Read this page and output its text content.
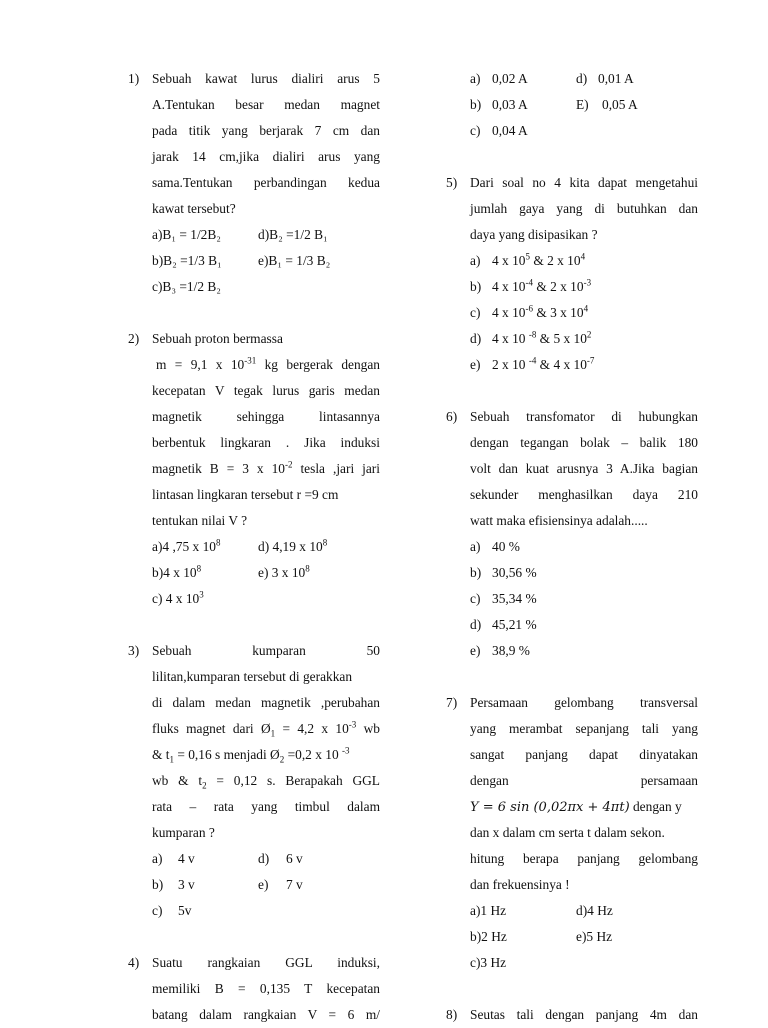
1) Sebuah kawat lurus dialiri arus 5
A.Tentukan besar medan magnet
pada titik yang berjarak 7 cm dan
jarak 14 cm,jika dialiri arus yang
sama.Tentukan perbandingan kedua
kawat tersebut?
a)B₁ = 1/2B₂	d)B₂ =1/2 B₁
b)B₂ =1/3 B₁	e)B₁ = 1/3 B₂
c)B₃ =1/2 B₂
2) Sebuah proton bermassa
m = 9,1 x $10^{-31}$ kg bergerak dengan
kecepatan V tegak lurus garis medan
magnetik sehingga lintasannya
berbentuk lingkaran . Jika induksi
magnetik B = 3 x $10^{-2}$ tesla ,jari jari
lintasan lingkaran tersebut r =9 cm
tentukan nilai V ?
a)4 ,75 x $10^8$	d) 4,19 x $10^8$
b)4 x $10^8$	e) 3 x $10^8$
c) 4 x $10^3$
3) Sebuah kumparan 50
lilitan,kumparan tersebut di gerakkan
di dalam medan magnetik ,perubahan
fluks magnet dari $Ø_1 = 4,2$ x $10^{-3}$ wb
& $t_1 = 0,16$ s menjadi $Ø_2 =0,2$ x 10 $^{-3}$
wb & $t_2 = 0,12$ s. Berapakah GGL
rata – rata yang timbul dalam
kumparan ?
a)	4 v	d)	6 v
b)	3 v	e)	7 v
c)	5v
4) Suatu rangkaian GGL induksi,
memiliki B = 0,135 T kecepatan
batang dalam rangkaian V = 6 m/
a) 0,02 A	d) 0,01 A
b) 0,03 A	E) 0,05 A
c) 0,04 A
5) Dari soal no 4 kita dapat mengetahui
jumlah gaya yang di butuhkan dan
daya yang disipasikan ?
a) 4 x $10^5$ & 2 x $10^4$
b) 4 x $10^{-4}$ & 2 x $10^{-3}$
c) 4 x $10^{-6}$ & 3 x $10^4$
d) 4 x 10 $^{-8}$ & 5 x $10^2$
e) 2 x 10 $^{-4}$ & 4 x $10^{-7}$
6) Sebuah transfomator di hubungkan
dengan tegangan bolak – balik 180
volt dan kuat arusnya 3 A.Jika bagian
sekunder menghasilkan daya 210
watt maka efisiensinya adalah.....
a) 40 %
b) 30,56 %
c) 35,34 %
d) 45,21 %
e) 38,9 %
7) Persamaan gelombang transversal
yang merambat sepanjang tali yang
sangat panjang dapat dinyatakan
dengan	persamaan
Y = 6 sin (0,02πx + 4πt) dengan y
dan x dalam cm serta t dalam sekon.
hitung berapa panjang gelombang
dan frekuensinya !
a)1 Hz	d)4 Hz
b)2 Hz	e)5 Hz
c)3 Hz
8) Seutas tali dengan panjang 4m dan
